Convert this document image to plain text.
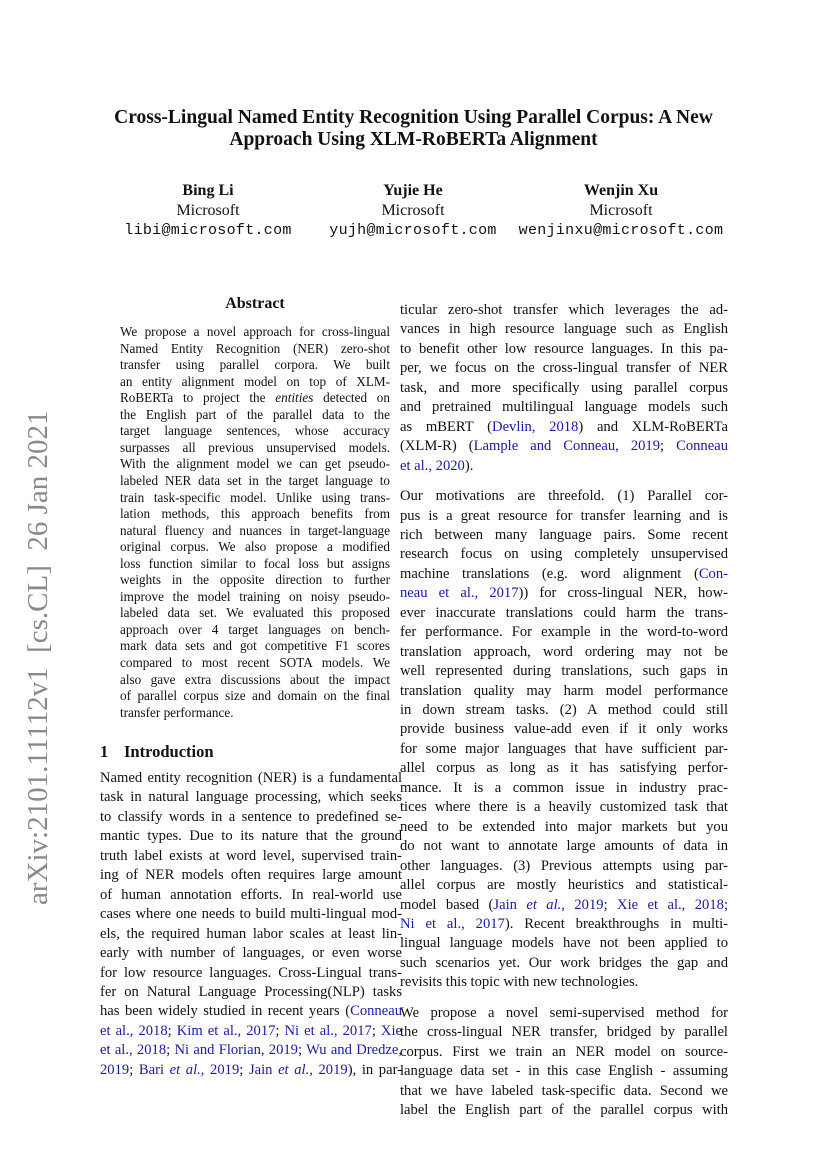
arXiv:2101.11112v1  [cs.CL]  26 Jan 2021
Cross-Lingual Named Entity Recognition Using Parallel Corpus: A New
Approach Using XLM-RoBERTa Alignment
Bing Li
Microsoft
libi@microsoft.com
Yujie He
Microsoft
yujh@microsoft.com
Wenjin Xu
Microsoft
wenjinxu@microsoft.com
Abstract
We propose a novel approach for cross-lingual
Named Entity Recognition (NER) zero-shot
transfer using parallel corpora. We built
an entity alignment model on top of XLM-
RoBERTa to project the entities detected on
the English part of the parallel data to the
target language sentences, whose accuracy
surpasses all previous unsupervised models.
With the alignment model we can get pseudo-
labeled NER data set in the target language to
train task-specific model. Unlike using trans-
lation methods, this approach benefits from
natural fluency and nuances in target-language
original corpus. We also propose a modified
loss function similar to focal loss but assigns
weights in the opposite direction to further
improve the model training on noisy pseudo-
labeled data set. We evaluated this proposed
approach over 4 target languages on bench-
mark data sets and got competitive F1 scores
compared to most recent SOTA models. We
also gave extra discussions about the impact
of parallel corpus size and domain on the final
transfer performance.
1 Introduction
Named entity recognition (NER) is a fundamental
task in natural language processing, which seeks
to classify words in a sentence to predefined se-
mantic types. Due to its nature that the ground
truth label exists at word level, supervised train-
ing of NER models often requires large amount
of human annotation efforts. In real-world use
cases where one needs to build multi-lingual mod-
els, the required human labor scales at least lin-
early with number of languages, or even worse
for low resource languages. Cross-Lingual trans-
fer on Natural Language Processing(NLP) tasks
has been widely studied in recent years (Conneau
et al., 2018; Kim et al., 2017; Ni et al., 2017; Xie
et al., 2018; Ni and Florian, 2019; Wu and Dredze,
2019; Bari et al., 2019; Jain et al., 2019), in par-
ticular zero-shot transfer which leverages the ad-
vances in high resource language such as English
to benefit other low resource languages. In this pa-
per, we focus on the cross-lingual transfer of NER
task, and more specifically using parallel corpus
and pretrained multilingual language models such
as mBERT (Devlin, 2018) and XLM-RoBERTa
(XLM-R) (Lample and Conneau, 2019; Conneau
et al., 2020).
Our motivations are threefold. (1) Parallel cor-
pus is a great resource for transfer learning and is
rich between many language pairs. Some recent
research focus on using completely unsupervised
machine translations (e.g. word alignment (Con-
neau et al., 2017)) for cross-lingual NER, how-
ever inaccurate translations could harm the trans-
fer performance. For example in the word-to-word
translation approach, word ordering may not be
well represented during translations, such gaps in
translation quality may harm model performance
in down stream tasks. (2) A method could still
provide business value-add even if it only works
for some major languages that have sufficient par-
allel corpus as long as it has satisfying perfor-
mance. It is a common issue in industry prac-
tices where there is a heavily customized task that
need to be extended into major markets but you
do not want to annotate large amounts of data in
other languages. (3) Previous attempts using par-
allel corpus are mostly heuristics and statistical-
model based (Jain et al., 2019; Xie et al., 2018;
Ni et al., 2017). Recent breakthroughs in multi-
lingual language models have not been applied to
such scenarios yet. Our work bridges the gap and
revisits this topic with new technologies.
We propose a novel semi-supervised method for
the cross-lingual NER transfer, bridged by parallel
corpus. First we train an NER model on source-
language data set - in this case English - assuming
that we have labeled task-specific data. Second we
label the English part of the parallel corpus with
